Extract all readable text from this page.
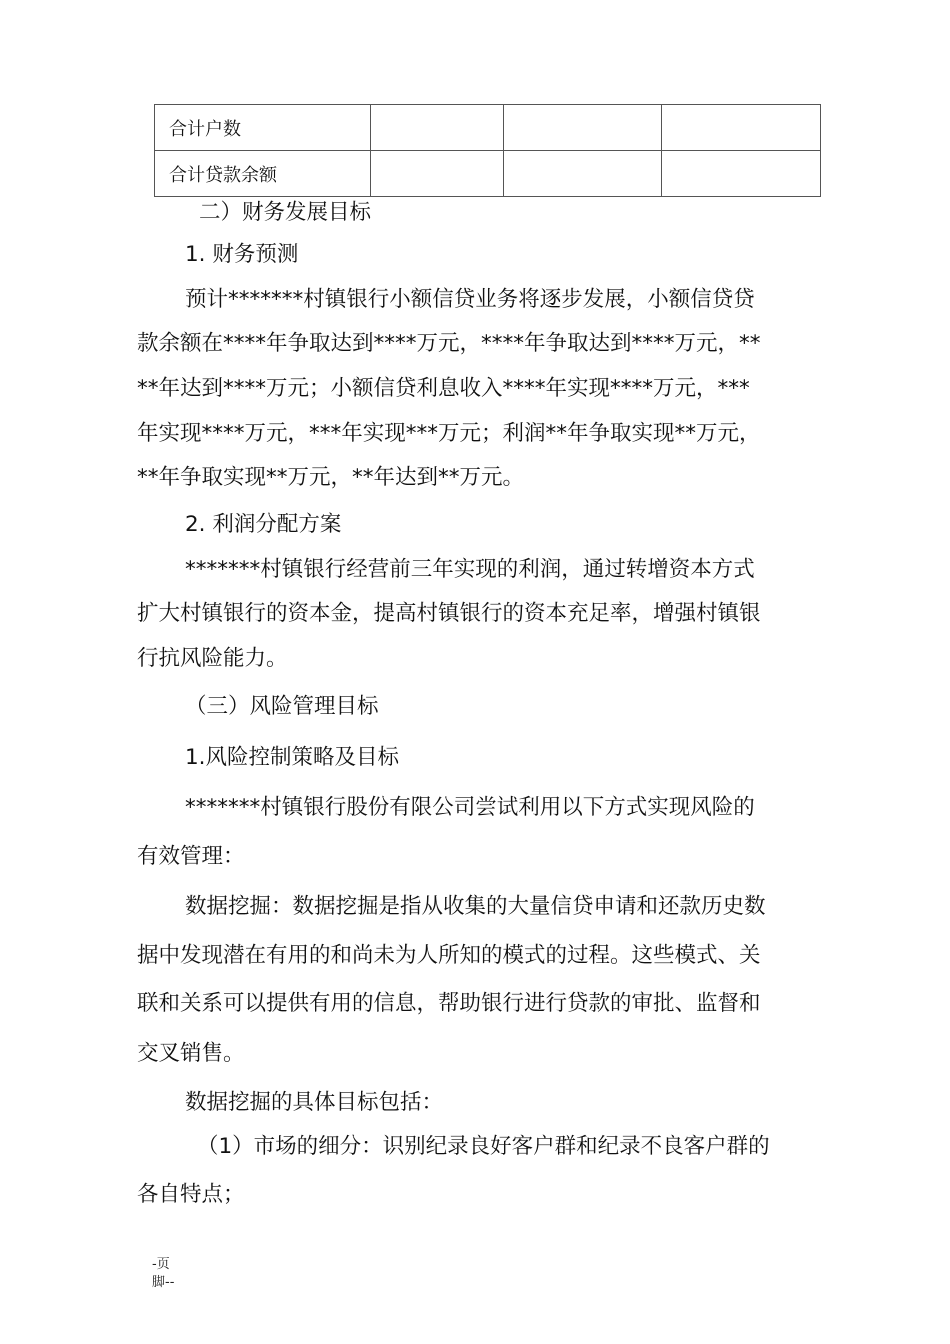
合计户数			
合计贷款余额			
二）财务发展目标
1. 财务预测
预计*******村镇银行小额信贷业务将逐步发展，小额信贷贷
款余额在****年争取达到****万元，****年争取达到****万元，**
**年达到****万元；小额信贷利息收入****年实现****万元，***
年实现****万元，***年实现***万元；利润**年争取实现**万元，
**年争取实现**万元，**年达到**万元。
2. 利润分配方案
*******村镇银行经营前三年实现的利润，通过转增资本方式
扩大村镇银行的资本金，提高村镇银行的资本充足率，增强村镇银
行抗风险能力。
（三）风险管理目标
1.风险控制策略及目标
*******村镇银行股份有限公司尝试利用以下方式实现风险的
有效管理：
数据挖掘：数据挖掘是指从收集的大量信贷申请和还款历史数
据中发现潜在有用的和尚未为人所知的模式的过程。这些模式、关
联和关系可以提供有用的信息，帮助银行进行贷款的审批、监督和
交叉销售。
数据挖掘的具体目标包括：
（1）市场的细分：识别纪录良好客户群和纪录不良客户群的
各自特点；
-页
脚--
